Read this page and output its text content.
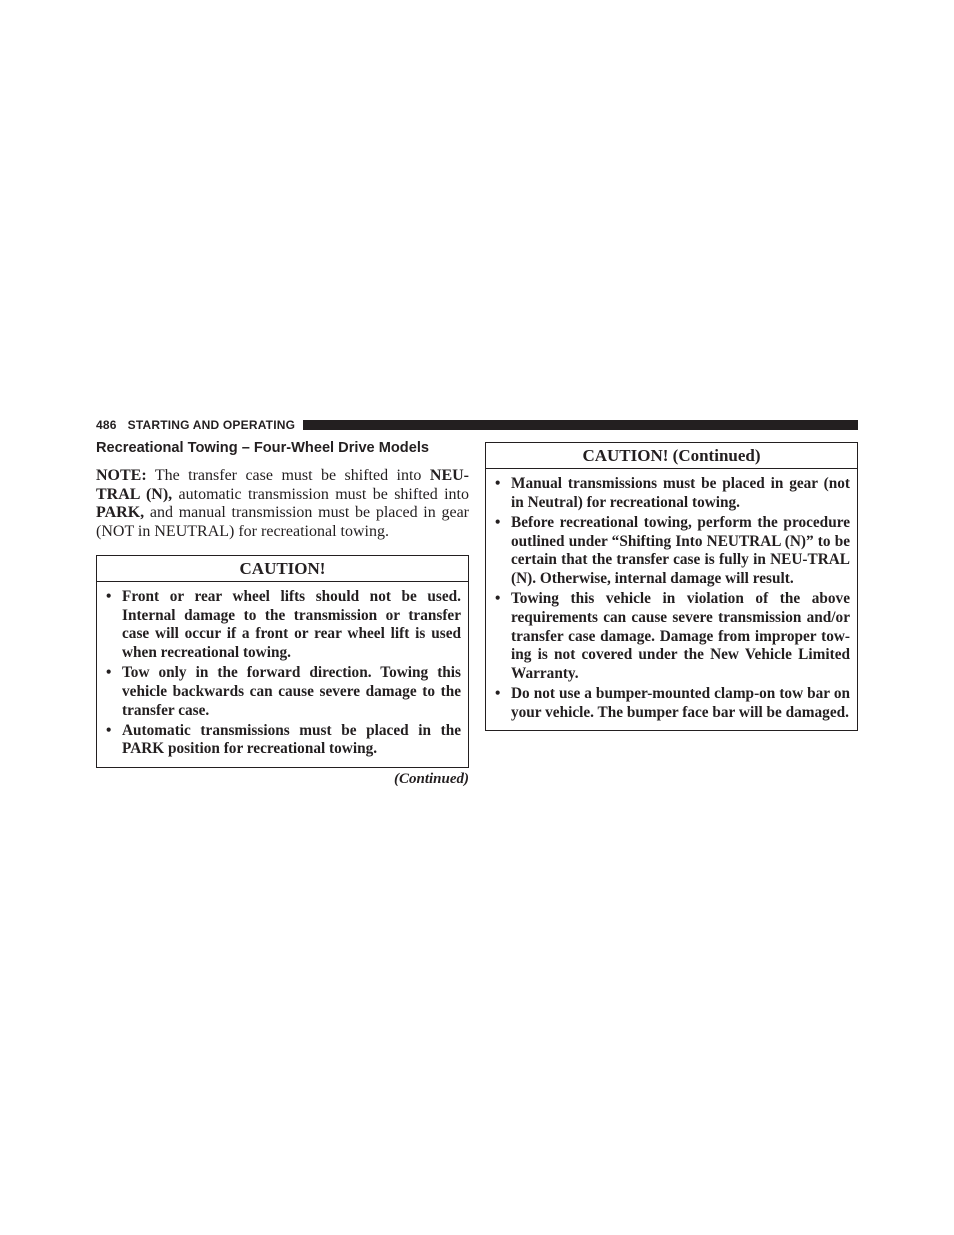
486 STARTING AND OPERATING
Recreational Towing – Four-Wheel Drive Models

NOTE: The transfer case must be shifted into NEU-TRAL (N), automatic transmission must be shifted into PARK, and manual transmission must be placed in gear (NOT in NEUTRAL) for recreational towing.

CAUTION!
• Front or rear wheel lifts should not be used. Internal damage to the transmission or transfer case will occur if a front or rear wheel lift is used when recreational towing.
• Tow only in the forward direction. Towing this vehicle backwards can cause severe damage to the transfer case.
• Automatic transmissions must be placed in the PARK position for recreational towing.
(Continued)
CAUTION! (Continued)
• Manual transmissions must be placed in gear (not in Neutral) for recreational towing.
• Before recreational towing, perform the procedure outlined under “Shifting Into NEUTRAL (N)” to be certain that the transfer case is fully in NEU-TRAL (N). Otherwise, internal damage will result.
• Towing this vehicle in violation of the above requirements can cause severe transmission and/or transfer case damage. Damage from improper tow-ing is not covered under the New Vehicle Limited Warranty.
• Do not use a bumper-mounted clamp-on tow bar on your vehicle. The bumper face bar will be damaged.
